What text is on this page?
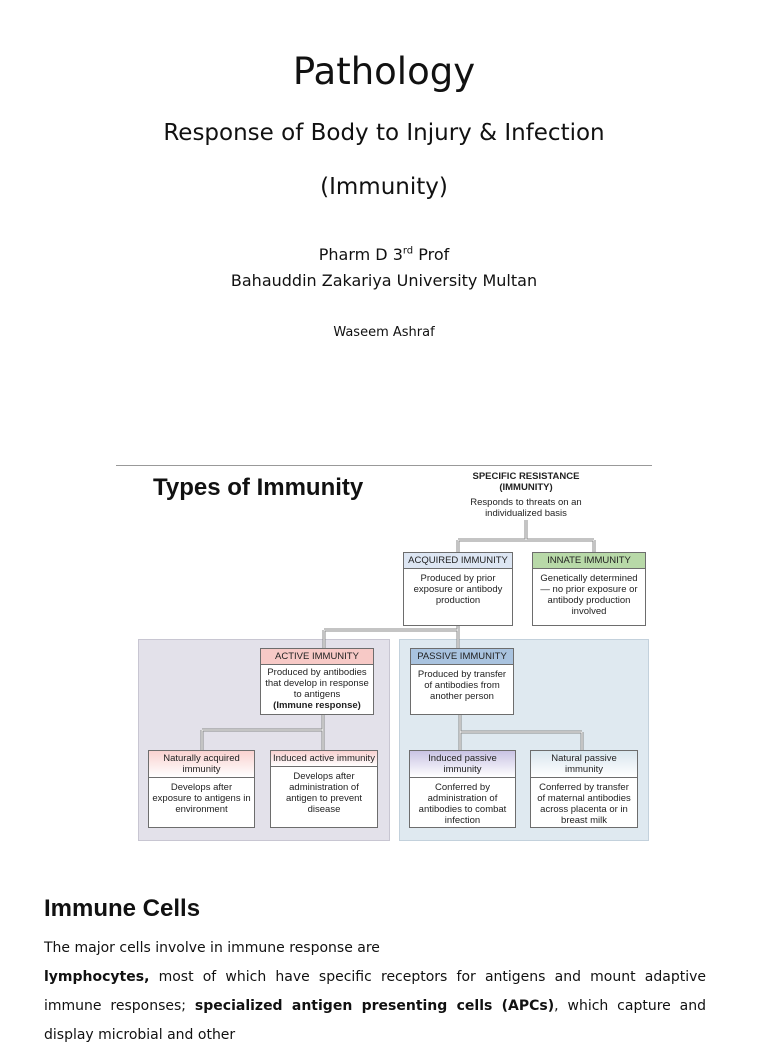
Pathology
Response of Body to Injury & Infection
(Immunity)
Pharm D 3rd Prof
Bahauddin Zakariya University Multan
Waseem Ashraf
Types of Immunity	SPECIFIC RESISTANCE
(IMMUNITY)
Responds to threats on an individualized basis
ACQUIRED IMMUNITY
Produced by prior exposure or antibody production
INNATE IMMUNITY
Genetically determined— no prior exposure or antibody production involved
ACTIVE IMMUNITY
Produced by antibodies that develop in response to antigens
(Immune response)
PASSIVE IMMUNITY
Produced by transfer of antibodies from another person
Naturally acquired immunity
Develops after exposure to antigens in environment
Induced active immunity
Develops after administration of antigen to prevent disease
Induced passive immunity
Conferred by administration of antibodies to combat infection
Natural passive immunity
Conferred by transfer of maternal antibodies across placenta or in breast milk
Immune Cells
The major cells involve in immune response are
lymphocytes, most of which have specific receptors for antigens and mount adaptive immune responses; specialized antigen presenting cells (APCs), which capture and display microbial and other
